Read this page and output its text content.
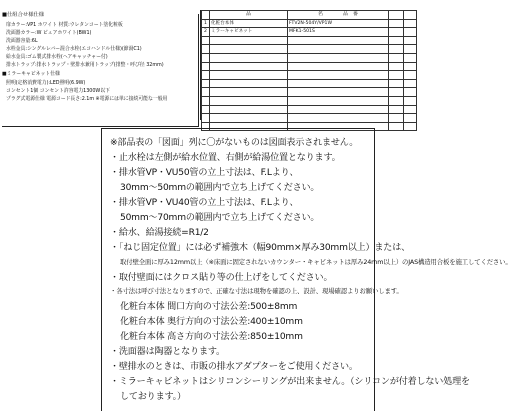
■仕組合せ様仕様
扉カラー:VP1 ホワイト 材質:ウレタンコート塗化粧板
洗面器カラー:W ピュアホワイト(BW1)
洗面器容量:6L
水栓金具:シングルレバー混合水栓(エコハンドル仕様)(節湯C1)
給水金具:ゴム製式排水栓(ヘアキャッチャー付)
排水トラップ:排水トラップ・壁排水兼用トラップ(排整・呼び径 32mm)
■ミラーキャビネット仕様
照明(定格消費電力):LED照明(6.9W)
コンセント1個 コンセント許容電力1300W以下
プラグ式電源仕様 電源コード長さ:2.1m ※電源には単に接続可能な一般用
	品	名　　　　 品　 番		
1	化粧台本体	FTV2N-504Y/VP1W		
2	ミラーキャビネット	MFK1-501S		

※部品表の「図面」列に〇がないものは図面表示されません。
・止水栓は左側が給水位置、右側が給湯位置となります。
・排水管VP・VU50管の立上寸法は、F.Lより、
30mm〜50mmの範囲内で立ち上げてください。
・排水管VP・VU40管の立上寸法は、F.Lより、
50mm〜70mmの範囲内で立ち上げてください。
・給水、給湯接続=R1/2
・「ねじ固定位置」には必ず補強木（幅90mm×厚み30mm以上）または、
取付壁全面に厚み12mm以上（※床面に固定されないカウンター・キャビネットは厚み24mm以上）のJAS構造用合板を施工してください。
・取付壁面にはクロス貼り等の仕上げをしてください。
・各寸法は呼び寸法となりますので、正確な寸法は現物を確認の上、設計、現場確認よりお願いします。
化粧台本体 間口方向の寸法公差:500±8mm
化粧台本体 奥行方向の寸法公差:400±10mm
化粧台本体 高さ方向の寸法公差:850±10mm
・洗面器は陶器となります。
・壁排水のときは、市販の排水アダプターをご使用ください。
・ミラーキャビネットはシリコンシーリングが出来ません。（シリコンが付着しない処理を
しております。）
